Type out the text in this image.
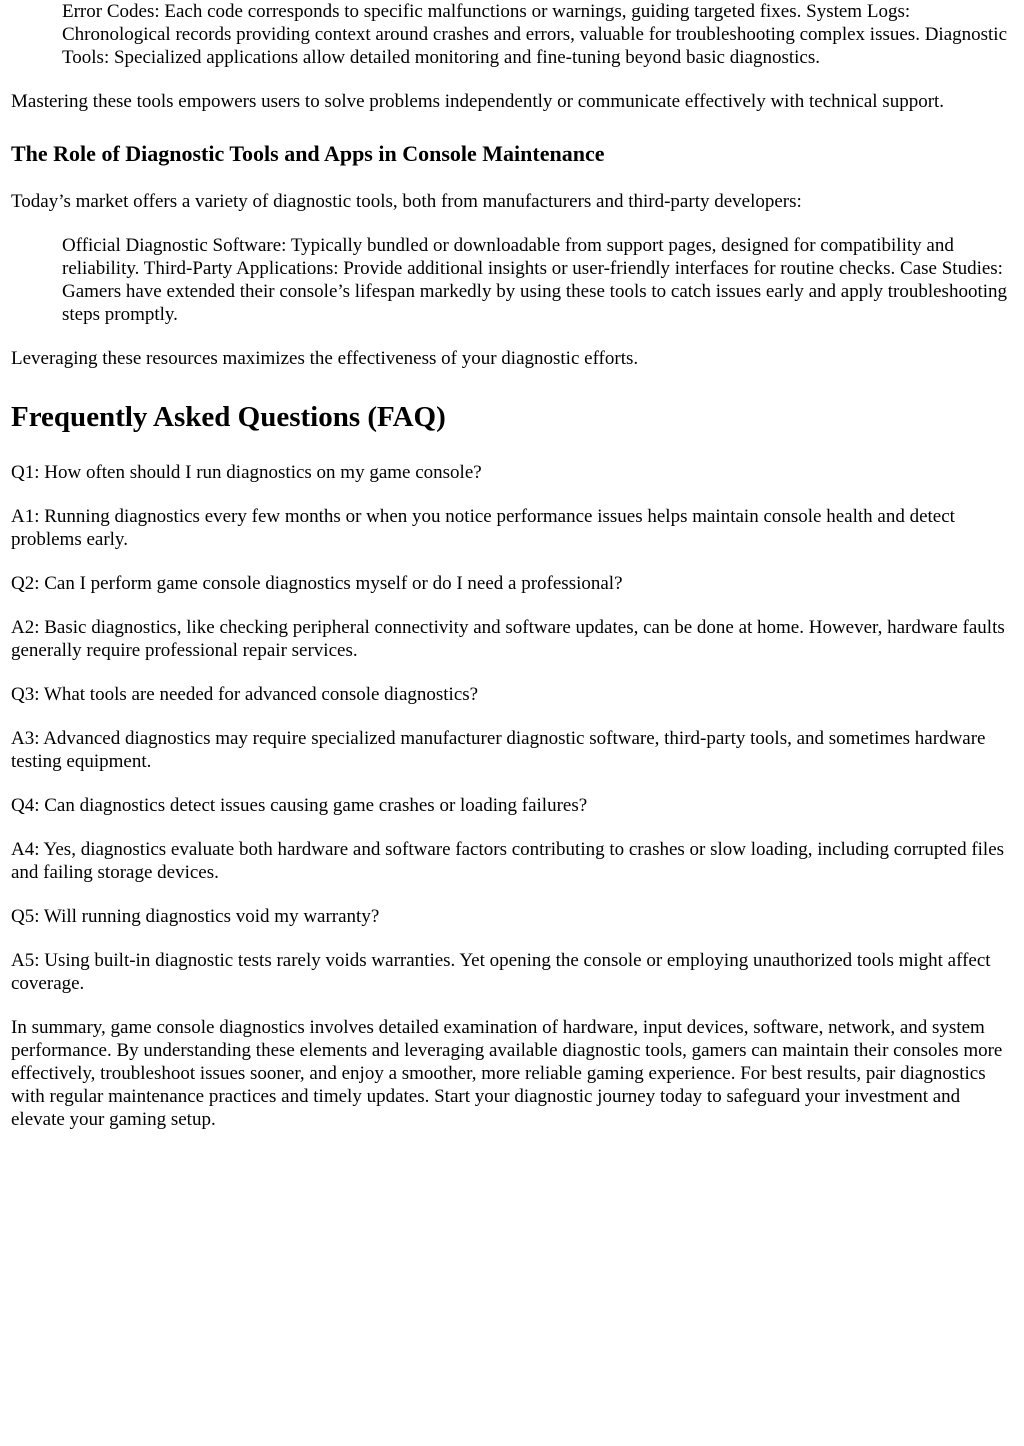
Error Codes: Each code corresponds to specific malfunctions or warnings, guiding targeted fixes. System Logs: Chronological records providing context around crashes and errors, valuable for troubleshooting complex issues. Diagnostic Tools: Specialized applications allow detailed monitoring and fine-tuning beyond basic diagnostics.

Mastering these tools empowers users to solve problems independently or communicate effectively with technical support.

The Role of Diagnostic Tools and Apps in Console Maintenance

Today’s market offers a variety of diagnostic tools, both from manufacturers and third-party developers:

Official Diagnostic Software: Typically bundled or downloadable from support pages, designed for compatibility and reliability. Third-Party Applications: Provide additional insights or user-friendly interfaces for routine checks. Case Studies: Gamers have extended their console’s lifespan markedly by using these tools to catch issues early and apply troubleshooting steps promptly.

Leveraging these resources maximizes the effectiveness of your diagnostic efforts.

Frequently Asked Questions (FAQ)

Q1: How often should I run diagnostics on my game console?

A1: Running diagnostics every few months or when you notice performance issues helps maintain console health and detect problems early.

Q2: Can I perform game console diagnostics myself or do I need a professional?

A2: Basic diagnostics, like checking peripheral connectivity and software updates, can be done at home. However, hardware faults generally require professional repair services.

Q3: What tools are needed for advanced console diagnostics?

A3: Advanced diagnostics may require specialized manufacturer diagnostic software, third-party tools, and sometimes hardware testing equipment.

Q4: Can diagnostics detect issues causing game crashes or loading failures?

A4: Yes, diagnostics evaluate both hardware and software factors contributing to crashes or slow loading, including corrupted files and failing storage devices.

Q5: Will running diagnostics void my warranty?

A5: Using built-in diagnostic tests rarely voids warranties. Yet opening the console or employing unauthorized tools might affect coverage.

In summary, game console diagnostics involves detailed examination of hardware, input devices, software, network, and system performance. By understanding these elements and leveraging available diagnostic tools, gamers can maintain their consoles more effectively, troubleshoot issues sooner, and enjoy a smoother, more reliable gaming experience. For best results, pair diagnostics with regular maintenance practices and timely updates. Start your diagnostic journey today to safeguard your investment and elevate your gaming setup.
